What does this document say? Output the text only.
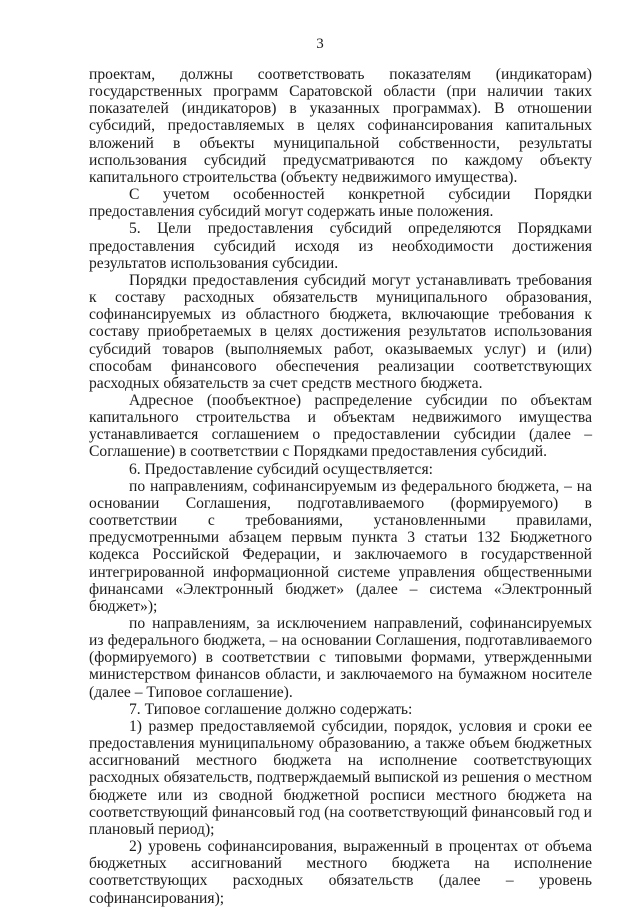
3

проектам, должны соответствовать показателям (индикаторам) государственных программ Саратовской области (при наличии таких показателей (индикаторов) в указанных программах). В отношении субсидий, предоставляемых в целях софинансирования капитальных вложений в объекты муниципальной собственности, результаты использования субсидий предусматриваются по каждому объекту капитального строительства (объекту недвижимого имущества).

С учетом особенностей конкретной субсидии Порядки предоставления субсидий могут содержать иные положения.

5. Цели предоставления субсидий определяются Порядками предоставления субсидий исходя из необходимости достижения результатов использования субсидии.

Порядки предоставления субсидий могут устанавливать требования к составу расходных обязательств муниципального образования, софинансируемых из областного бюджета, включающие требования к составу приобретаемых в целях достижения результатов использования субсидий товаров (выполняемых работ, оказываемых услуг) и (или) способам финансового обеспечения реализации соответствующих расходных обязательств за счет средств местного бюджета.

Адресное (пообъектное) распределение субсидии по объектам капитального строительства и объектам недвижимого имущества устанавливается соглашением о предоставлении субсидии (далее – Соглашение) в соответствии с Порядками предоставления субсидий.

6. Предоставление субсидий осуществляется:

по направлениям, софинансируемым из федерального бюджета, – на основании Соглашения, подготавливаемого (формируемого) в соответствии с требованиями, установленными правилами, предусмотренными абзацем первым пункта 3 статьи 132 Бюджетного кодекса Российской Федерации, и заключаемого в государственной интегрированной информационной системе управления общественными финансами «Электронный бюджет» (далее – система «Электронный бюджет»);

по направлениям, за исключением направлений, софинансируемых из федерального бюджета, – на основании Соглашения, подготавливаемого (формируемого) в соответствии с типовыми формами, утвержденными министерством финансов области, и заключаемого на бумажном носителе (далее – Типовое соглашение).

7. Типовое соглашение должно содержать:

1) размер предоставляемой субсидии, порядок, условия и сроки ее предоставления муниципальному образованию, а также объем бюджетных ассигнований местного бюджета на исполнение соответствующих расходных обязательств, подтверждаемый выпиской из решения о местном бюджете или из сводной бюджетной росписи местного бюджета на соответствующий финансовый год (на соответствующий финансовый год и плановый период);

2) уровень софинансирования, выраженный в процентах от объема бюджетных ассигнований местного бюджета на исполнение соответствующих расходных обязательств (далее – уровень софинансирования);
